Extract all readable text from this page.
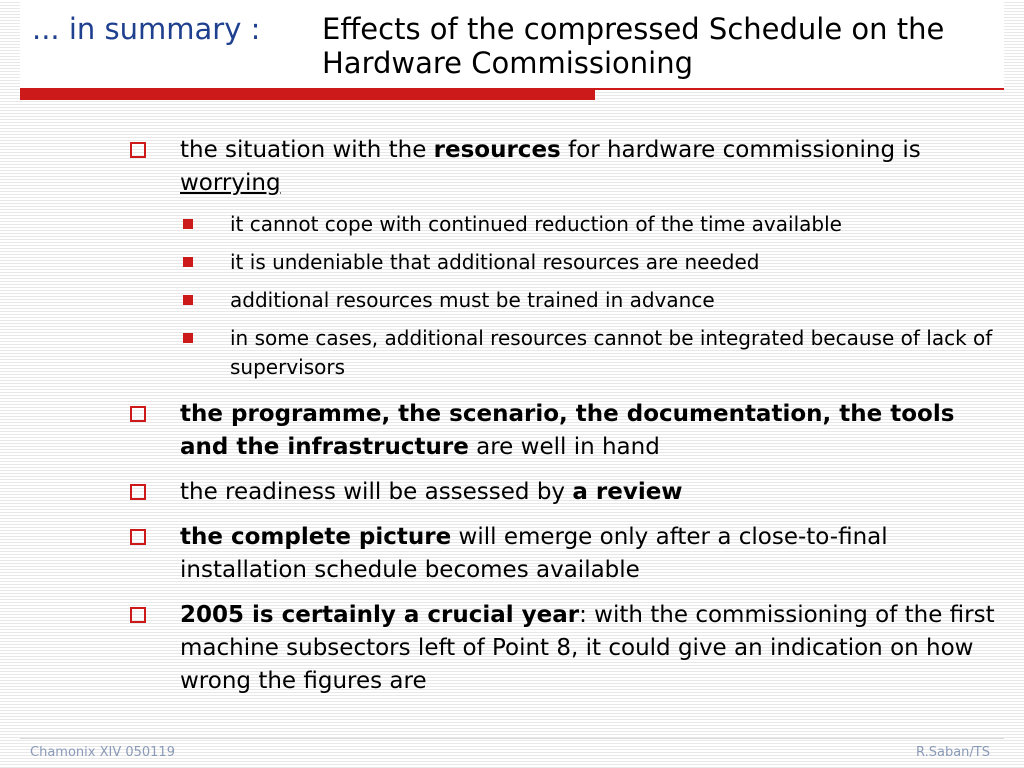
... in summary : Effects of the compressed Schedule on the Hardware Commissioning
the situation with the resources for hardware commissioning is worrying
it cannot cope with continued reduction of the time available
it is undeniable that additional resources are needed
additional resources must be trained in advance
in some cases, additional resources cannot be integrated because of lack of supervisors
the programme, the scenario, the documentation, the tools and the infrastructure are well in hand
the readiness will be assessed by a review
the complete picture will emerge only after a close-to-final installation schedule becomes available
2005 is certainly a crucial year: with the commissioning of the first machine subsectors left of Point 8, it could give an indication on how wrong the figures are
Chamonix XIV 050119	R.Saban/TS
